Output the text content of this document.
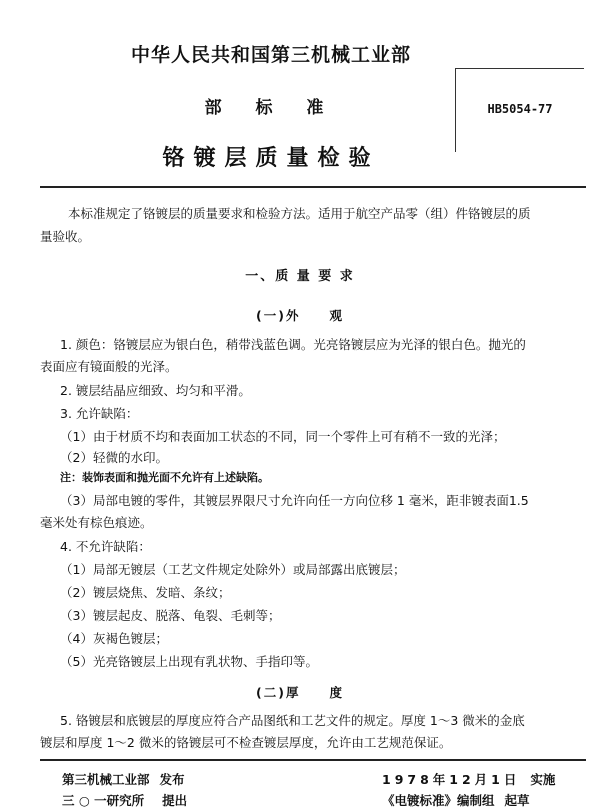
中华人民共和国第三机械工业部
部 标 准
铬镀层质量检验
HB5054-77
本标准规定了铬镀层的质量要求和检验方法。适用于航空产品零（组）件铬镀层的质
量验收。
一、质 量 要 求
(一)外　　观
1. 颜色：铬镀层应为银白色，稍带浅蓝色调。光亮铬镀层应为光泽的银白色。抛光的
表面应有镜面般的光泽。
2. 镀层结晶应细致、均匀和平滑。
3. 允许缺陷：
（1）由于材质不均和表面加工状态的不同，同一个零件上可有稍不一致的光泽；
（2）轻微的水印。
注：装饰表面和抛光面不允许有上述缺陷。
（3）局部电镀的零件，其镀层界限尺寸允许向任一方向位移 1 毫米，距非镀表面1.5
毫米处有棕色痕迹。
4. 不允许缺陷：
（1）局部无镀层（工艺文件规定处除外）或局部露出底镀层；
（2）镀层烧焦、发暗、条纹；
（3）镀层起皮、脱落、龟裂、毛刺等；
（4）灰褐色镀层；
（5）光亮铬镀层上出现有乳状物、手指印等。
(二)厚　　度
5. 铬镀层和底镀层的厚度应符合产品图纸和工艺文件的规定。厚度 1～3 微米的金底
镀层和厚度 1～2 微米的铬镀层可不检查镀层厚度，允许由工艺规范保证。
第三机械工业部 发布	1978年12月1日 实施
三 ○ 一研究所 提出	《电镀标准》编制组 起草
